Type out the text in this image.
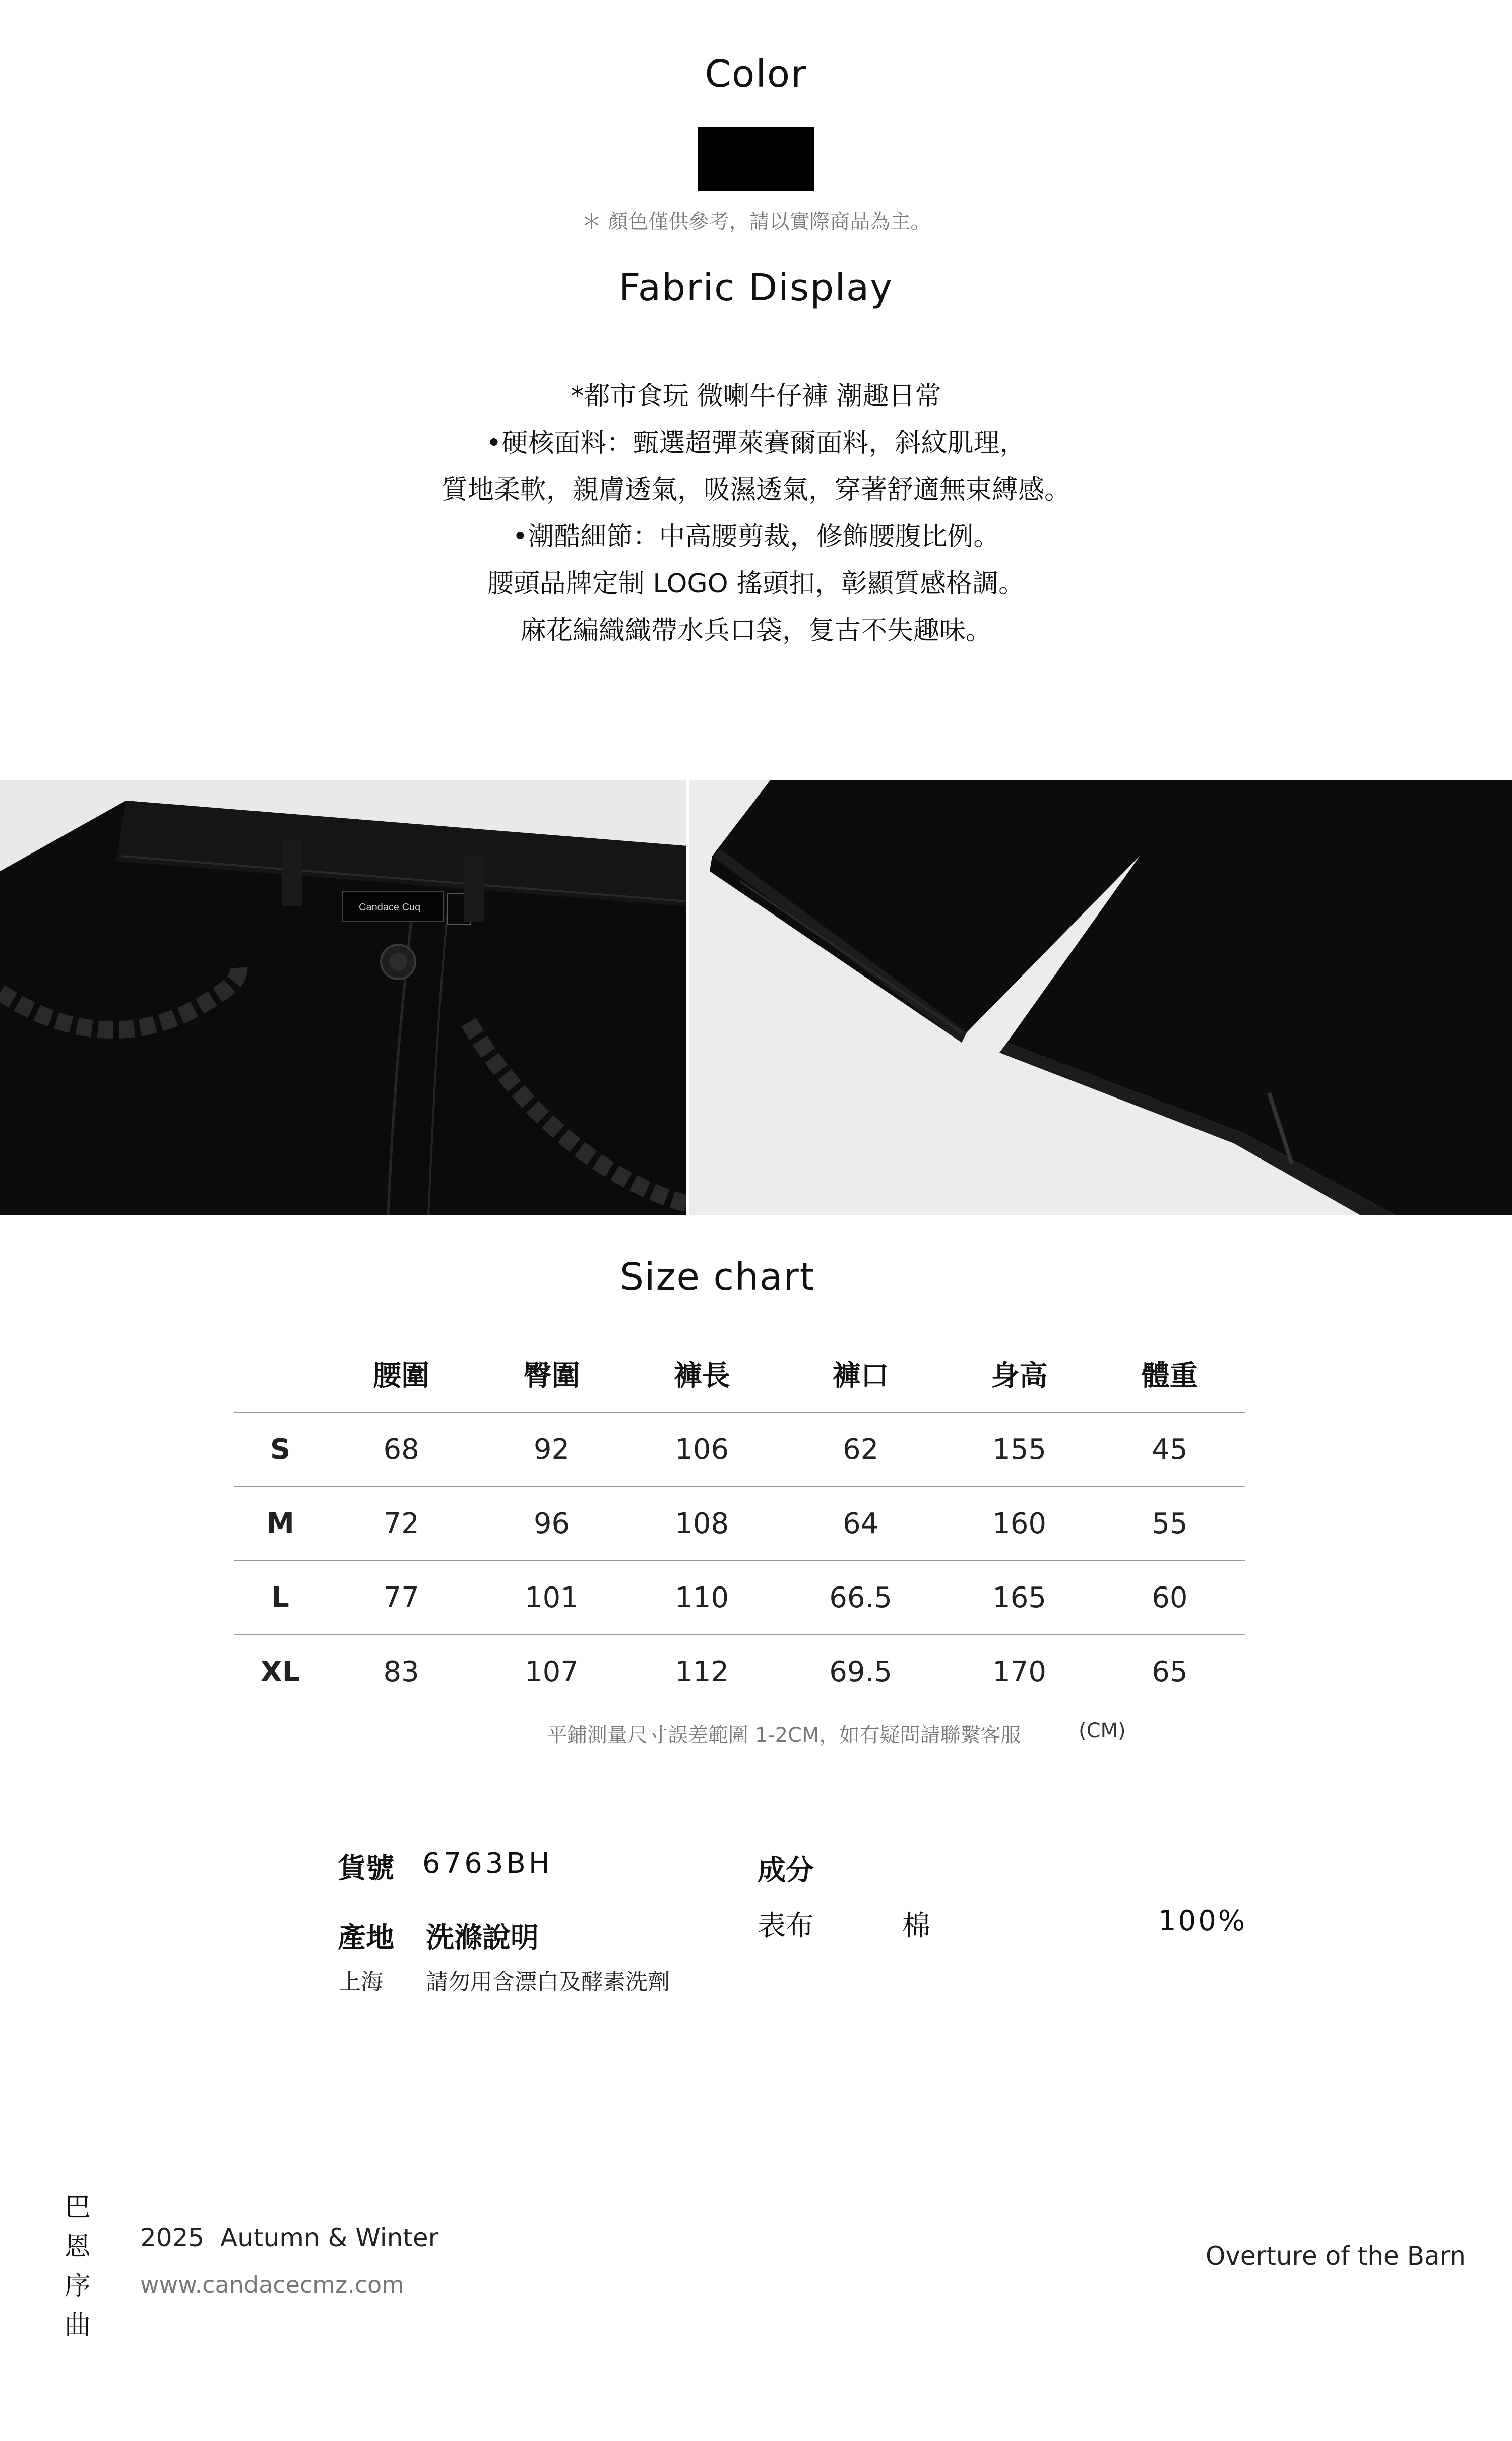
Color
＊ 顏色僅供參考，請以實際商品為主。
Fabric Display
*都市食玩 微喇牛仔褲 潮趣日常
•硬核面料：甄選超彈萊賽爾面料，斜紋肌理，
質地柔軟，親膚透氣，吸濕透氣，穿著舒適無束縛感。
•潮酷細節：中高腰剪裁，修飾腰腹比例。
腰頭品牌定制 LOGO 搖頭扣，彰顯質感格調。
麻花編織織帶水兵口袋，复古不失趣味。
Candace Cuq
Size chart
	腰圍	臀圍	褲長	褲口	身高	體重
S	68	92	106	62	155	45
M	72	96	108	64	160	55
L	77	101	110	66.5	165	60
XL	83	107	112	69.5	170	65
平鋪測量尺寸誤差範圍 1-2CM，如有疑問請聯繫客服	(CM)
貨號 6763BH
產地 洗滌說明
上海 請勿用含漂白及酵素洗劑
成分
表布	棉	100%
巴
恩
序
曲
2025  Autumn & Winter
www.candacecmz.com
Overture of the Barn
